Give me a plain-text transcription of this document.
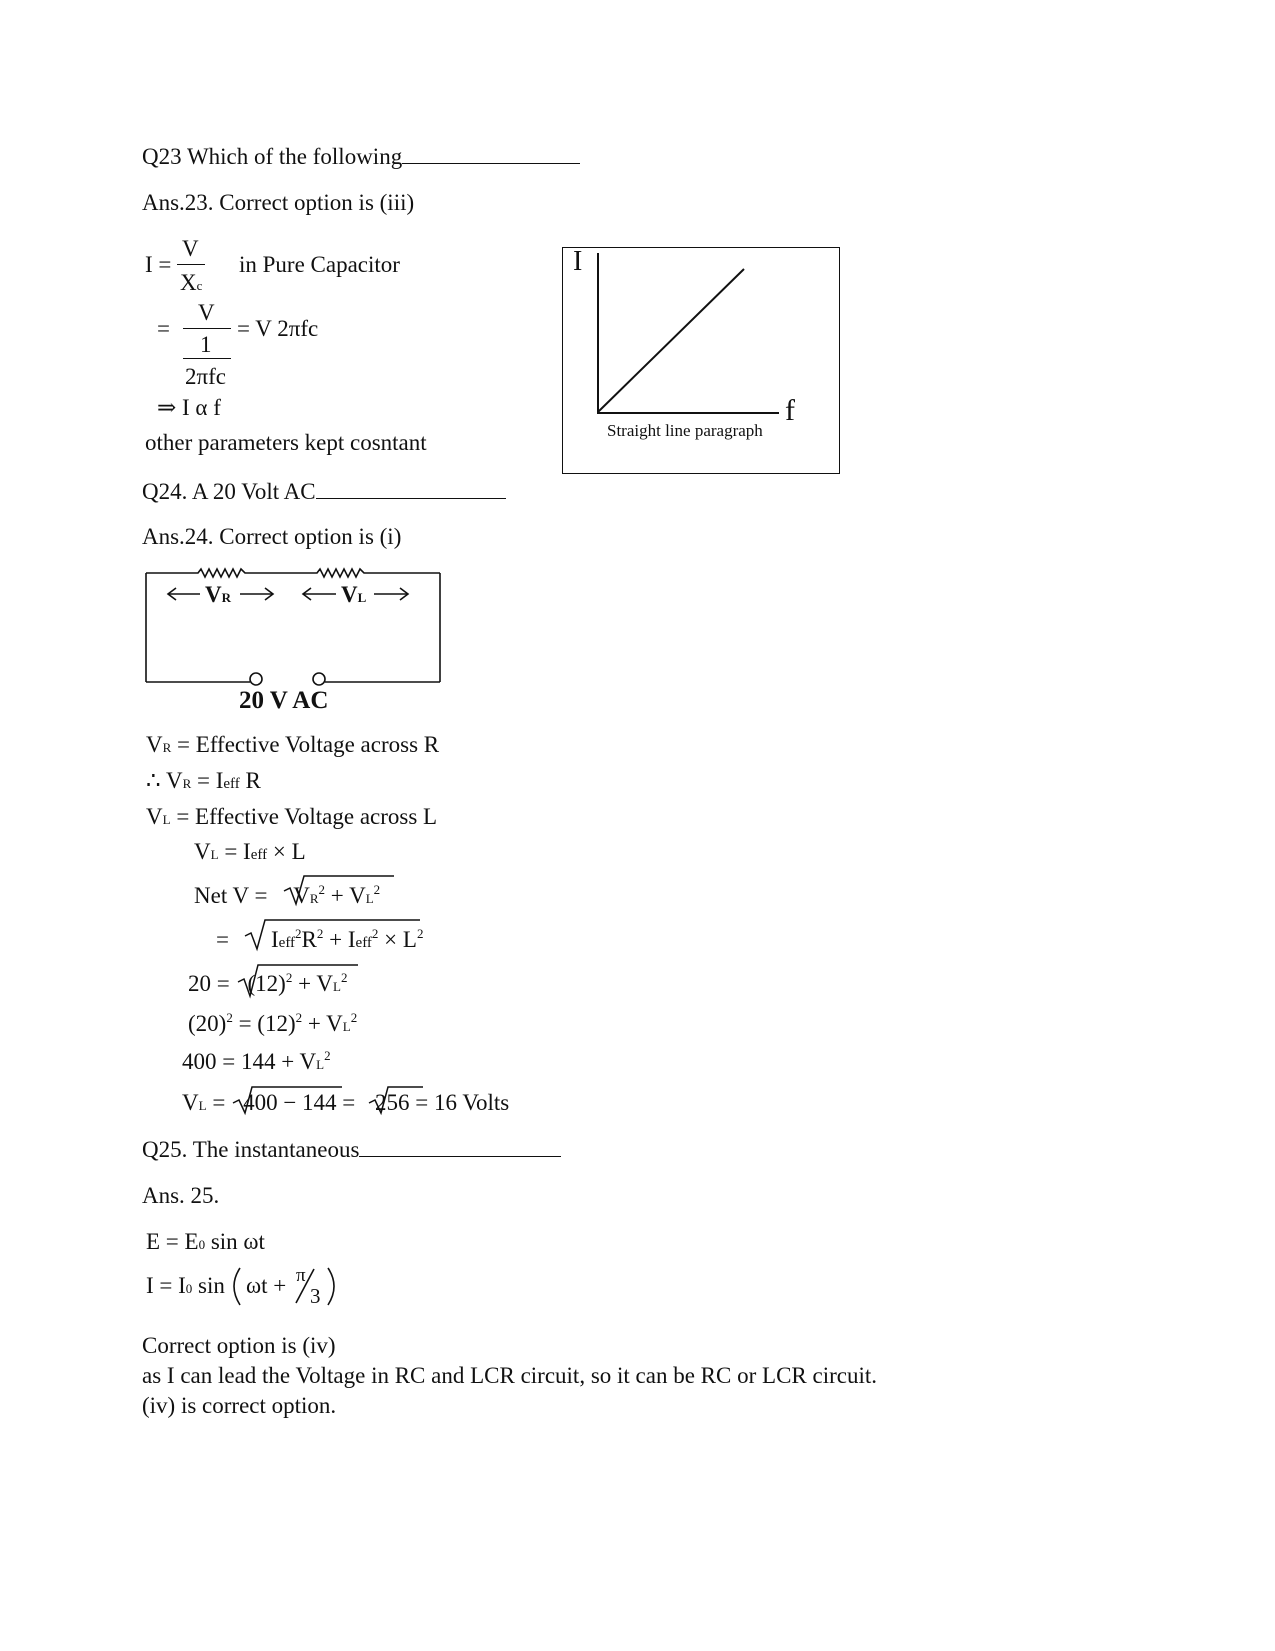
Q23 Which of the following
Ans.23. Correct option is (iii)
I =
V
Xc
in Pure Capacitor
=
V
1
2πfc
= V 2πfc
⇒ I α f
other parameters kept cosntant
I
f
Straight line paragraph
Q24. A 20 Volt AC
Ans.24. Correct option is (i)
VR	VL
20 V AC
VR = Effective Voltage across R
∴ VR = Ieff R
VL = Effective Voltage across L
VL = Ieff × L
Net $V = VR^2 + VL^2$
= $Ieff^2R^2$ + Ieff$^2$ × $L^2$
$20 = (12)^2 + VL^2$
$(20)^2 = (12)^2 + VL^2$
$400 = 144 + VL^2$
VL = 400 − 144 = 256 = 16 Volts
Q25. The instantaneous
Ans. 25.
E = E0 sin ωt
I = I0 sin ωt + π
3
Correct option is (iv)
as I can lead the Voltage in RC and LCR circuit, so it can be RC or LCR circuit.
(iv) is correct option.
